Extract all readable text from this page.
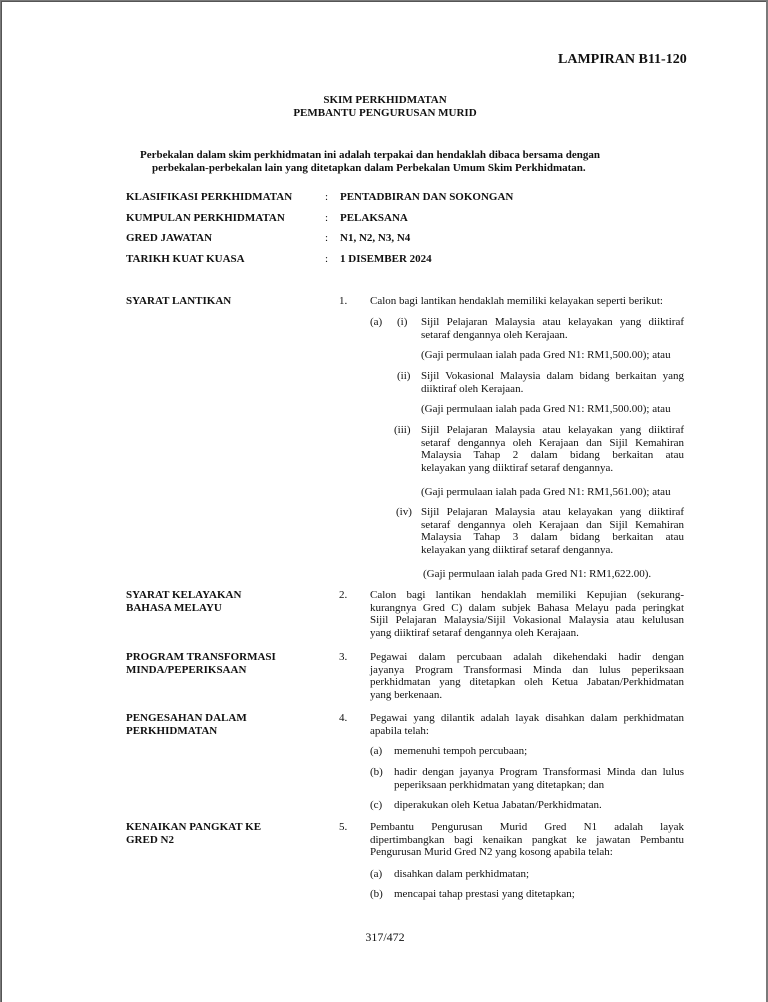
LAMPIRAN B11-120
SKIM PERKHIDMATAN
PEMBANTU PENGURUSAN MURID
Perbekalan dalam skim perkhidmatan ini adalah terpakai dan hendaklah dibaca bersama dengan
perbekalan-perbekalan lain yang ditetapkan dalam Perbekalan Umum Skim Perkhidmatan.
KLASIFIKASI PERKHIDMATAN	: PENTADBIRAN DAN SOKONGAN
KUMPULAN PERKHIDMATAN	: PELAKSANA
GRED JAWATAN	: N1, N2, N3, N4
TARIKH KUAT KUASA	: 1 DISEMBER 2024
SYARAT LANTIKAN	1. Calon bagi lantikan hendaklah memiliki kelayakan seperti berikut:
(a) (i) Sijil Pelajaran Malaysia atau kelayakan yang diiktiraf
setaraf dengannya oleh Kerajaan.
(Gaji permulaan ialah pada Gred N1: RM1,500.00); atau
(ii) Sijil Vokasional Malaysia dalam bidang berkaitan yang
diiktiraf oleh Kerajaan.
(Gaji permulaan ialah pada Gred N1: RM1,500.00); atau
(iii) Sijil Pelajaran Malaysia atau kelayakan yang diiktiraf
setaraf dengannya oleh Kerajaan dan Sijil Kemahiran
Malaysia Tahap 2 dalam bidang berkaitan atau
kelayakan yang diiktiraf setaraf dengannya.
(Gaji permulaan ialah pada Gred N1: RM1,561.00); atau
(iv) Sijil Pelajaran Malaysia atau kelayakan yang diiktiraf
setaraf dengannya oleh Kerajaan dan Sijil Kemahiran
Malaysia Tahap 3 dalam bidang berkaitan atau
kelayakan yang diiktiraf setaraf dengannya.
(Gaji permulaan ialah pada Gred N1: RM1,622.00).
SYARAT KELAYAKAN
BAHASA MELAYU
2. Calon bagi lantikan hendaklah memiliki Kepujian (sekurang-
kurangnya Gred C) dalam subjek Bahasa Melayu pada peringkat
Sijil Pelajaran Malaysia/Sijil Vokasional Malaysia atau kelulusan
yang diiktiraf setaraf dengannya oleh Kerajaan.
PROGRAM TRANSFORMASI
MINDA/PEPERIKSAAN
3. Pegawai dalam percubaan adalah dikehendaki hadir dengan
jayanya Program Transformasi Minda dan lulus peperiksaan
perkhidmatan yang ditetapkan oleh Ketua Jabatan/Perkhidmatan
yang berkenaan.
PENGESAHAN DALAM
PERKHIDMATAN
4. Pegawai yang dilantik adalah layak disahkan dalam perkhidmatan
apabila telah:
(a) memenuhi tempoh percubaan;
(b) hadir dengan jayanya Program Transformasi Minda dan lulus
peperiksaan perkhidmatan yang ditetapkan; dan
(c) diperakukan oleh Ketua Jabatan/Perkhidmatan.
KENAIKAN PANGKAT KE
GRED N2
5. Pembantu Pengurusan Murid Gred N1 adalah layak
dipertimbangkan bagi kenaikan pangkat ke jawatan Pembantu
Pengurusan Murid Gred N2 yang kosong apabila telah:
(a) disahkan dalam perkhidmatan;
(b) mencapai tahap prestasi yang ditetapkan;
317/472
